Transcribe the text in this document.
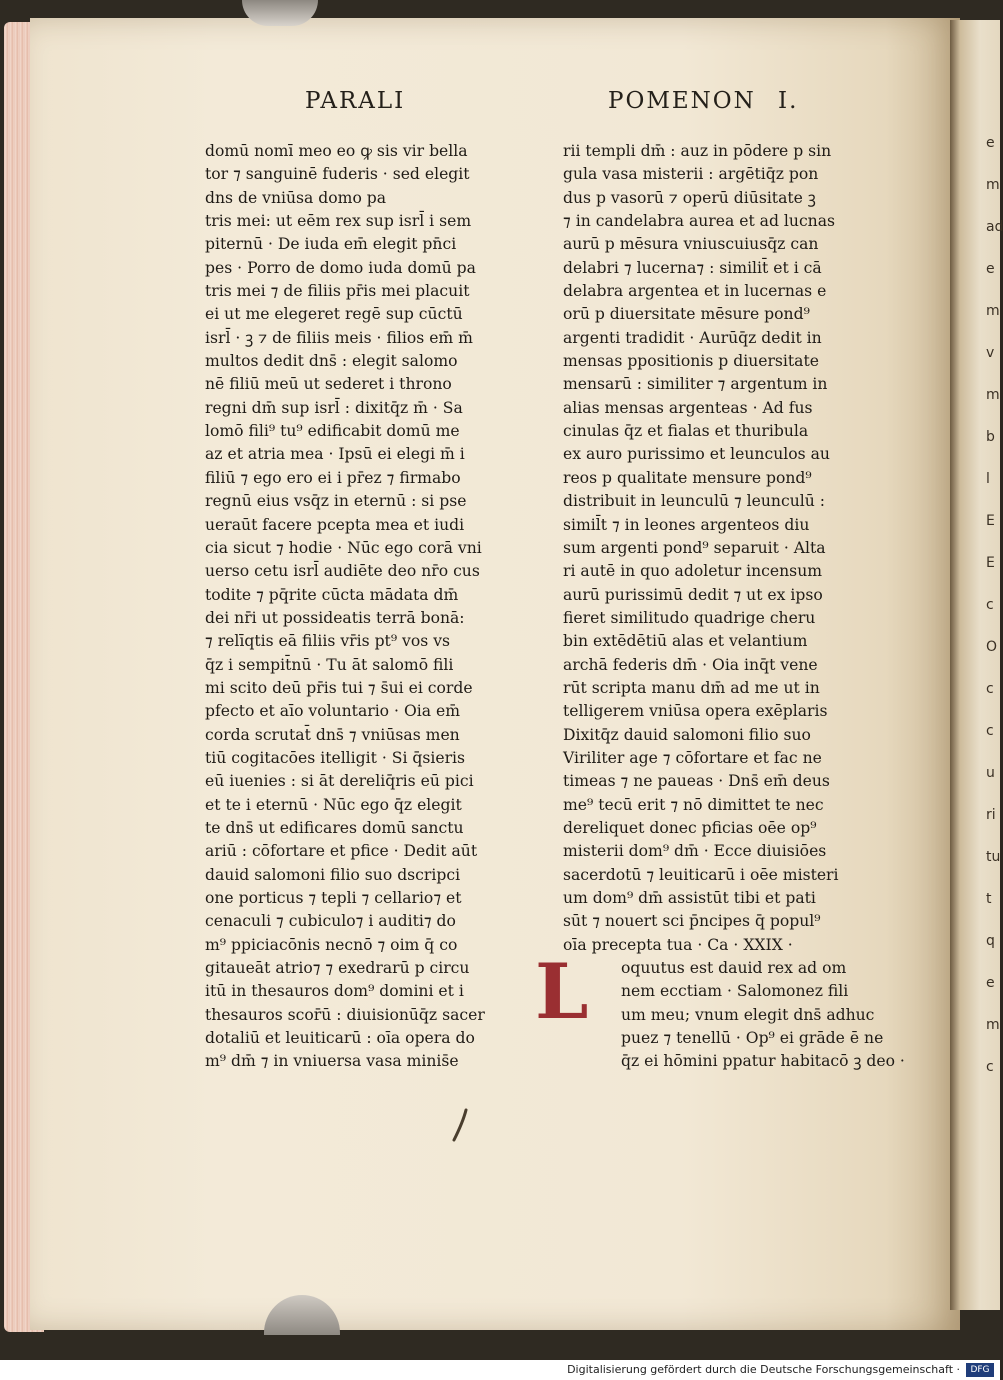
e
m
ad
e
m
v
m
b
l
E
E
c
O
c
c
u
ri
tu
t
q
e
m
c
PARALI	POMENON I.
domū nomī meo eo ꝙ sis vir bella
tor ⁊ sanguinē fuderis · sed elegit
dns de vniūsa domo pa
tris mei: ut eēm rex sup isrl̄ i sem
piternū · De iuda em̄ elegit pn̄ci
pes · Porro de domo iuda domū pa
tris mei ⁊ de filiis pr̄is mei placuit
ei ut me elegeret regē sup cūctū
isrl̄ · ꝫ ⁊ de filiis meis · filios em̄ m̄
multos dedit dns̄ : elegit salomo
nē filiū meū ut sederet i throno
regni dm̄ sup isrl̄ : dixitq̄z m̄ · Sa
lomō fili⁹ tu⁹ edificabit domū me
az et atria mea · Ipsū ei elegi m̄ i
filiū ⁊ ego ero ei i pr̄ez ⁊ firmabo
regnū eius vsq̄z in eternū : si pse
ueraūt facere pcepta mea et iudi
cia sicut ⁊ hodie · Nūc ego corā vni
uerso cetu isrl̄ audiēte deo nr̄o cus
todite ⁊ pq̄rite cūcta mādata dm̄
dei nr̄i ut possideatis terrā bonā:
⁊ relīqtis eā filiis vr̄is pt⁹ vos vs
q̄z i sempit̄nū · Tu āt salomō fili
mi scito deū pr̄is tui ⁊ s̄ui ei corde
pfecto et aīo voluntario · Oia em̄
corda scrutat̄ dns̄ ⁊ vniūsas men
tiū cogitacōes itelligit · Si q̄sieris
eū iuenies : si āt dereliq̄ris eū pici
et te i eternū · Nūc ego q̄z elegit
te dns̄ ut edificares domū sanctu
ariū : cōfortare et pfice · Dedit aūt
dauid salomoni filio suo dscripci
one porticus ⁊ tepli ⁊ cellario⁊ et
cenaculi ⁊ cubiculo⁊ i auditi⁊ do
m⁹ ppiciacōnis necnō ⁊ oim q̄ co
gitaueāt atrio⁊ ⁊ exedrarū p circu
itū in thesauros dom⁹ domini et i
thesauros scor̄ū : diuisionūq̄z sacer
dotaliū et leuiticarū : oīa opera do
m⁹ dm̄ ⁊ in vniuersa vasa minis̄e
rii templi dm̄ : auz in pōdere p sin
gula vasa misterii : argētiq̄z pon
dus p vasorū ⁊ operū diūsitate ꝫ
⁊ in candelabra aurea et ad lucnas
aurū p mēsura vniuscuiusq̄z can
delabri ⁊ lucerna⁊ : similit̄ et i cā
delabra argentea et in lucernas e
orū p diuersitate mēsure pond⁹
argenti tradidit · Aurūq̄z dedit in
mensas ppositionis p diuersitate
mensarū : similiter ⁊ argentum in
alias mensas argenteas · Ad fus
cinulas q̄z et fialas et thuribula
ex auro purissimo et leunculos au
reos p qualitate mensure pond⁹
distribuit in leunculū ⁊ leunculū :
simil̄t ⁊ in leones argenteos diu
sum argenti pond⁹ separuit · Alta
ri autē in quo adoletur incensum
aurū purissimū dedit ⁊ ut ex ipso
fieret similitudo quadrige cheru
bin extēdētiū alas et velantium
archā federis dm̄ · Oia inq̄t vene
rūt scripta manu dm̄ ad me ut in
telligerem vniūsa opera exēplaris
Dixitq̄z dauid salomoni filio suo
Viriliter age ⁊ cōfortare et fac ne
timeas ⁊ ne paueas · Dns̄ em̄ deus
me⁹ tecū erit ⁊ nō dimittet te nec
dereliquet donec pficias oēe op⁹
misterii dom⁹ dm̄ · Ecce diuisiōes
sacerdotū ⁊ leuiticarū i oēe misteri
um dom⁹ dm̄ assistūt tibi et pati
sūt ⁊ nouert sci p̄ncipes q̄ popul⁹
oīa precepta tua · Ca · XXIX ·
oquutus est dauid rex ad om
nem ecctiam · Salomonez fili
um meu; vnum elegit dns̄ adhuc
puez ⁊ tenellū · Op⁹ ei grāde ē ne
q̄z ei hōmini ppatur habitacō ꝫ deo ·
L
Digitalisierung gefördert durch die Deutsche Forschungsgemeinschaft ·	DFG
